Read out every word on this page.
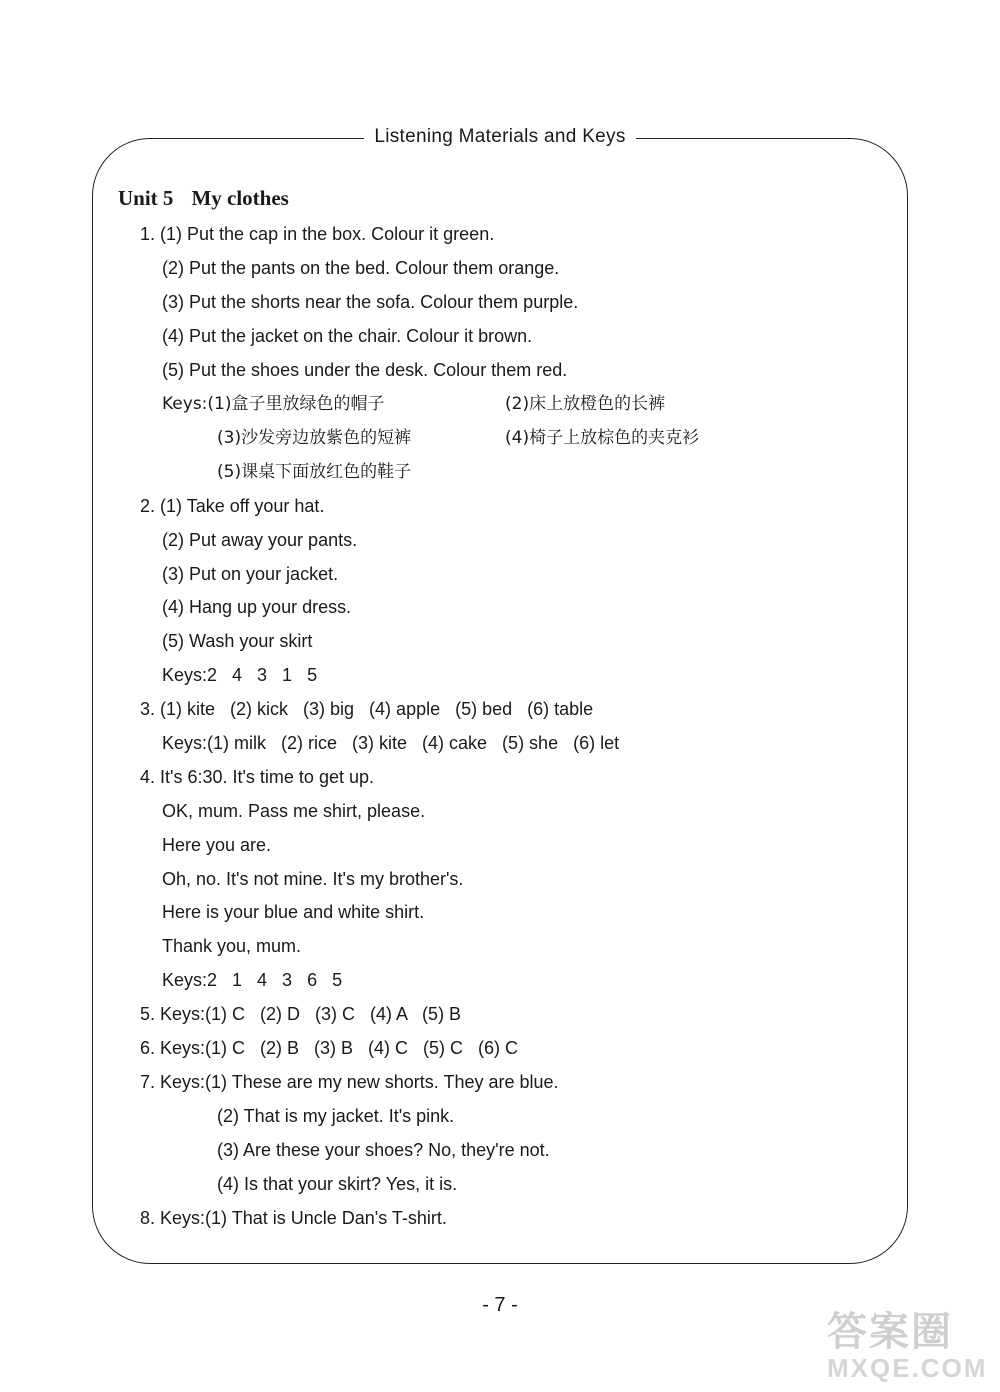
Listening Materials and Keys
Unit 5 My clothes
1. (1) Put the cap in the box. Colour it green.
(2) Put the pants on the bed. Colour them orange.
(3) Put the shorts near the sofa. Colour them purple.
(4) Put the jacket on the chair. Colour it brown.
(5) Put the shoes under the desk. Colour them red.
Keys:(1)盒子里放绿色的帽子	(2)床上放橙色的长裤
(3)沙发旁边放紫色的短裤	(4)椅子上放棕色的夹克衫
(5)课桌下面放红色的鞋子
2. (1) Take off your hat.
(2) Put away your pants.
(3) Put on your jacket.
(4) Hang up your dress.
(5) Wash your skirt
Keys:2   4   3   1   5
3. (1) kite   (2) kick   (3) big   (4) apple   (5) bed   (6) table
Keys:(1) milk   (2) rice   (3) kite   (4) cake   (5) she   (6) let
4. It's 6:30. It's time to get up.
OK, mum. Pass me shirt, please.
Here you are.
Oh, no. It's not mine. It's my brother's.
Here is your blue and white shirt.
Thank you, mum.
Keys:2   1   4   3   6   5
5. Keys:(1) C   (2) D   (3) C   (4) A   (5) B
6. Keys:(1) C   (2) B   (3) B   (4) C   (5) C   (6) C
7. Keys:(1) These are my new shorts. They are blue.
(2) That is my jacket. It's pink.
(3) Are these your shoes? No, they're not.
(4) Is that your skirt? Yes, it is.
8. Keys:(1) That is Uncle Dan's T-shirt.
- 7 -
答案圈
MXQE.COM
